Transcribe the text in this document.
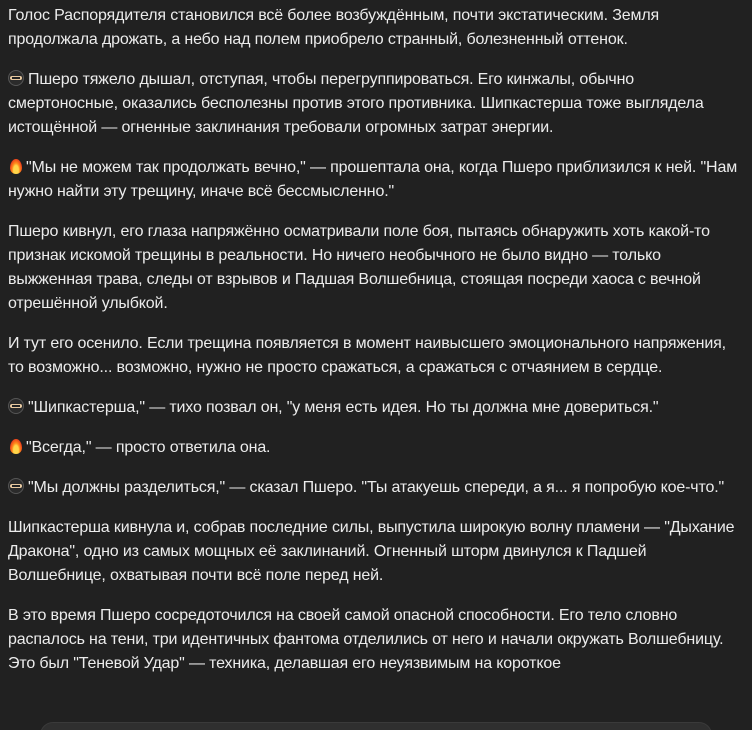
Голос Распорядителя становился всё более возбуждённым, почти экстатическим. Земля продолжала дрожать, а небо над полем приобрело странный, болезненный оттенок.

Пшеро тяжело дышал, отступая, чтобы перегруппироваться. Его кинжалы, обычно смертоносные, оказались бесполезны против этого противника. Шипкастерша тоже выглядела истощённой — огненные заклинания требовали огромных затрат энергии.

"Мы не можем так продолжать вечно," — прошептала она, когда Пшеро приблизился к ней. "Нам нужно найти эту трещину, иначе всё бессмысленно."

Пшеро кивнул, его глаза напряжённо осматривали поле боя, пытаясь обнаружить хоть какой-то признак искомой трещины в реальности. Но ничего необычного не было видно — только выжженная трава, следы от взрывов и Падшая Волшебница, стоящая посреди хаоса с вечной отрешённой улыбкой.

И тут его осенило. Если трещина появляется в момент наивысшего эмоционального напряжения, то возможно... возможно, нужно не просто сражаться, а сражаться с отчаянием в сердце.

"Шипкастерша," — тихо позвал он, "у меня есть идея. Но ты должна мне довериться."

"Всегда," — просто ответила она.

"Мы должны разделиться," — сказал Пшеро. "Ты атакуешь спереди, а я... я попробую кое-что."

Шипкастерша кивнула и, собрав последние силы, выпустила широкую волну пламени — "Дыхание Дракона", одно из самых мощных её заклинаний. Огненный шторм двинулся к Падшей Волшебнице, охватывая почти всё поле перед ней.

В это время Пшеро сосредоточился на своей самой опасной способности. Его тело словно распалось на тени, три идентичных фантома отделились от него и начали окружать Волшебницу. Это был "Теневой Удар" — техника, делавшая его неуязвимым на короткое
